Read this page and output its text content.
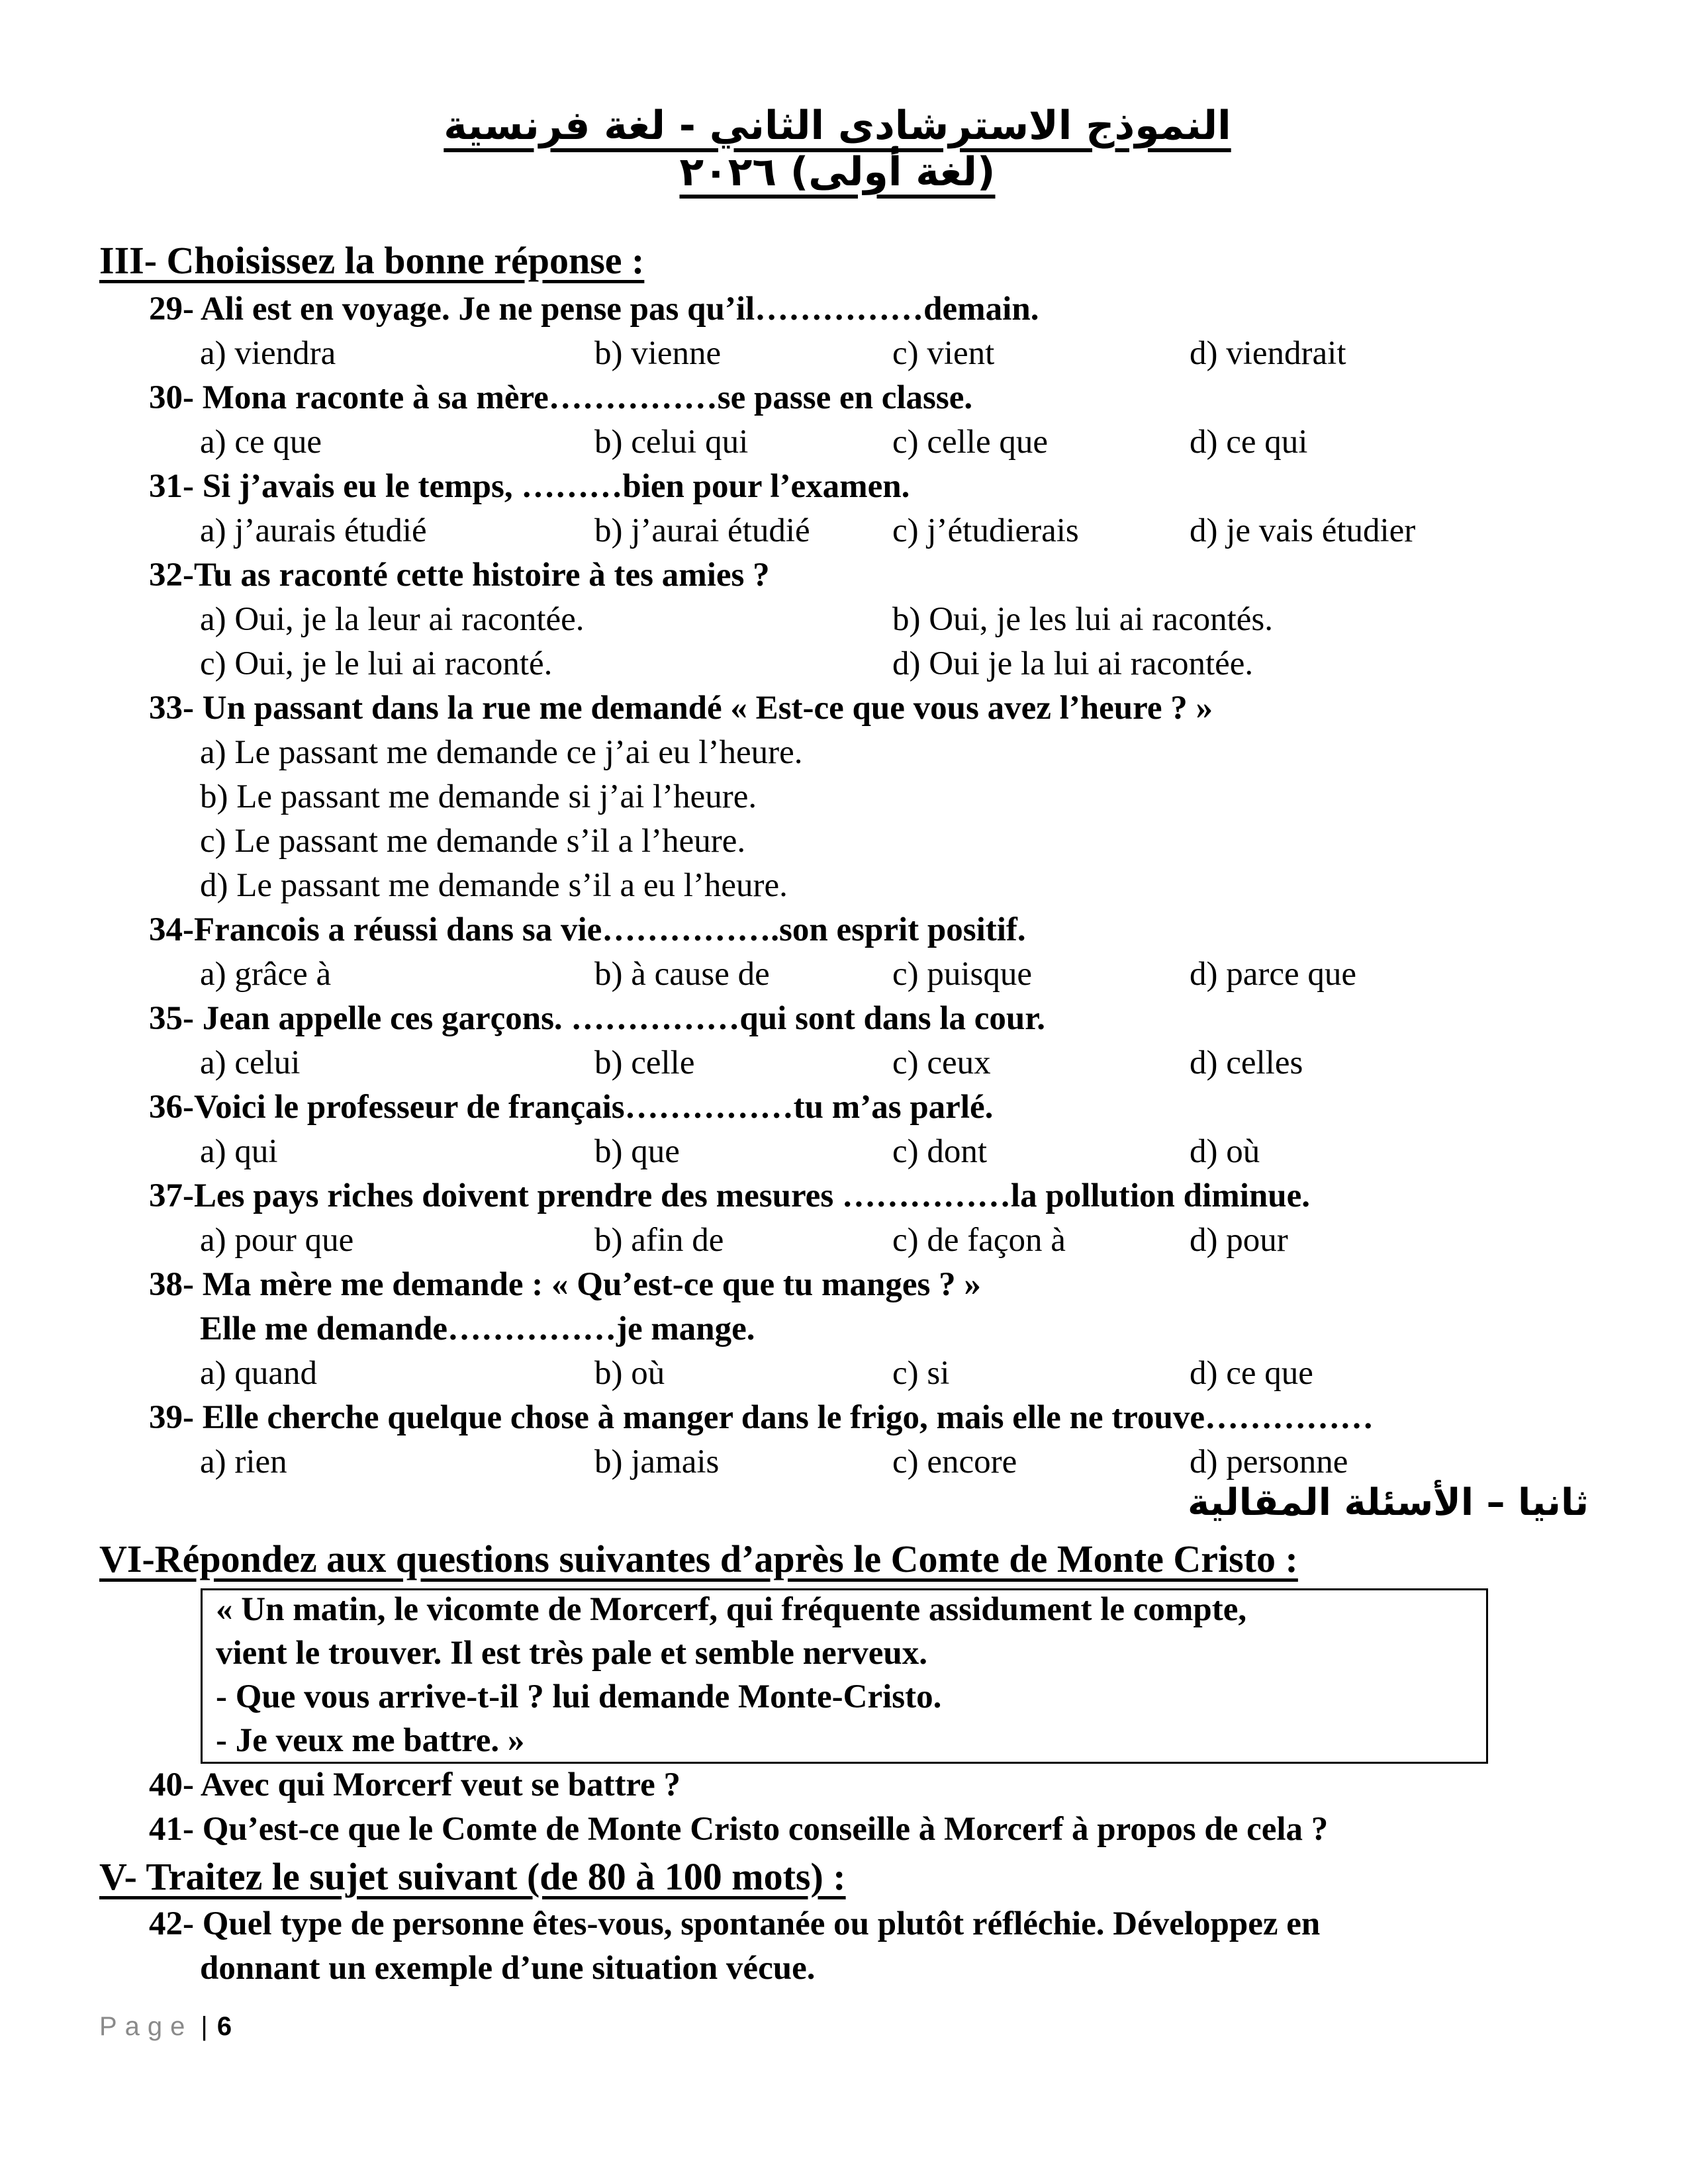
النموذج الاسترشادى الثاني - لغة فرنسية (لغة أولى) ٢٠٢٦
III- Choisissez la bonne réponse :
29- Ali est en voyage. Je ne pense pas qu’il……………demain.
a) viendra	b) vienne	c) vient	d) viendrait
30- Mona raconte à sa mère……………se passe en classe.
a) ce que	b) celui qui	c) celle que	d) ce qui
31- Si j’avais eu le temps, ………bien pour l’examen.
a) j’aurais étudié	b) j’aurai étudié c) j’étudierais	d) je vais étudier
32-Tu as raconté cette histoire à tes amies ?
a) Oui, je la leur ai racontée.	b) Oui, je les lui ai racontés.
c) Oui, je le lui ai raconté.	d) Oui je la lui ai racontée.
33- Un passant dans la rue me demandé « Est-ce que vous avez l’heure ? »
a) Le passant me demande ce j’ai eu l’heure.
b) Le passant me demande si j’ai l’heure.
c) Le passant me demande s’il a l’heure.
d) Le passant me demande s’il a eu l’heure.
34-Francois a réussi dans sa vie…………….son esprit positif.
a) grâce à	b) à cause de	c) puisque	d) parce que
35- Jean appelle ces garçons. ……………qui sont dans la cour.
a) celui	b) celle	c) ceux	d) celles
36-Voici le professeur de français……………tu m’as parlé.
a) qui	b) que	c) dont	d) où
37-Les pays riches doivent prendre des mesures ……………la pollution diminue.
a) pour que	b) afin de	c) de façon à	d) pour
38- Ma mère me demande : « Qu’est-ce que tu manges ? »
Elle me demande……………je mange.
a) quand	b) où	c) si	d) ce que
39- Elle cherche quelque chose à manger dans le frigo, mais elle ne trouve……………
a) rien	b) jamais	c) encore	d) personne
ثانيا – الأسئلة المقالية
VI-Répondez aux questions suivantes d’après le Comte de Monte Cristo :
« Un matin, le vicomte de Morcerf, qui fréquente assidument le compte,
vient le trouver. Il est très pale et semble nerveux.
- Que vous arrive-t-il ? lui demande Monte-Cristo.
- Je veux me battre. »
40- Avec qui Morcerf veut se battre ?
41- Qu’est-ce que le Comte de Monte Cristo conseille à Morcerf à propos de cela ?
V- Traitez le sujet suivant (de 80 à 100 mots) :
42- Quel type de personne êtes-vous, spontanée ou plutôt réfléchie. Développez en
donnant un exemple d’une situation vécue.
Page | 6
